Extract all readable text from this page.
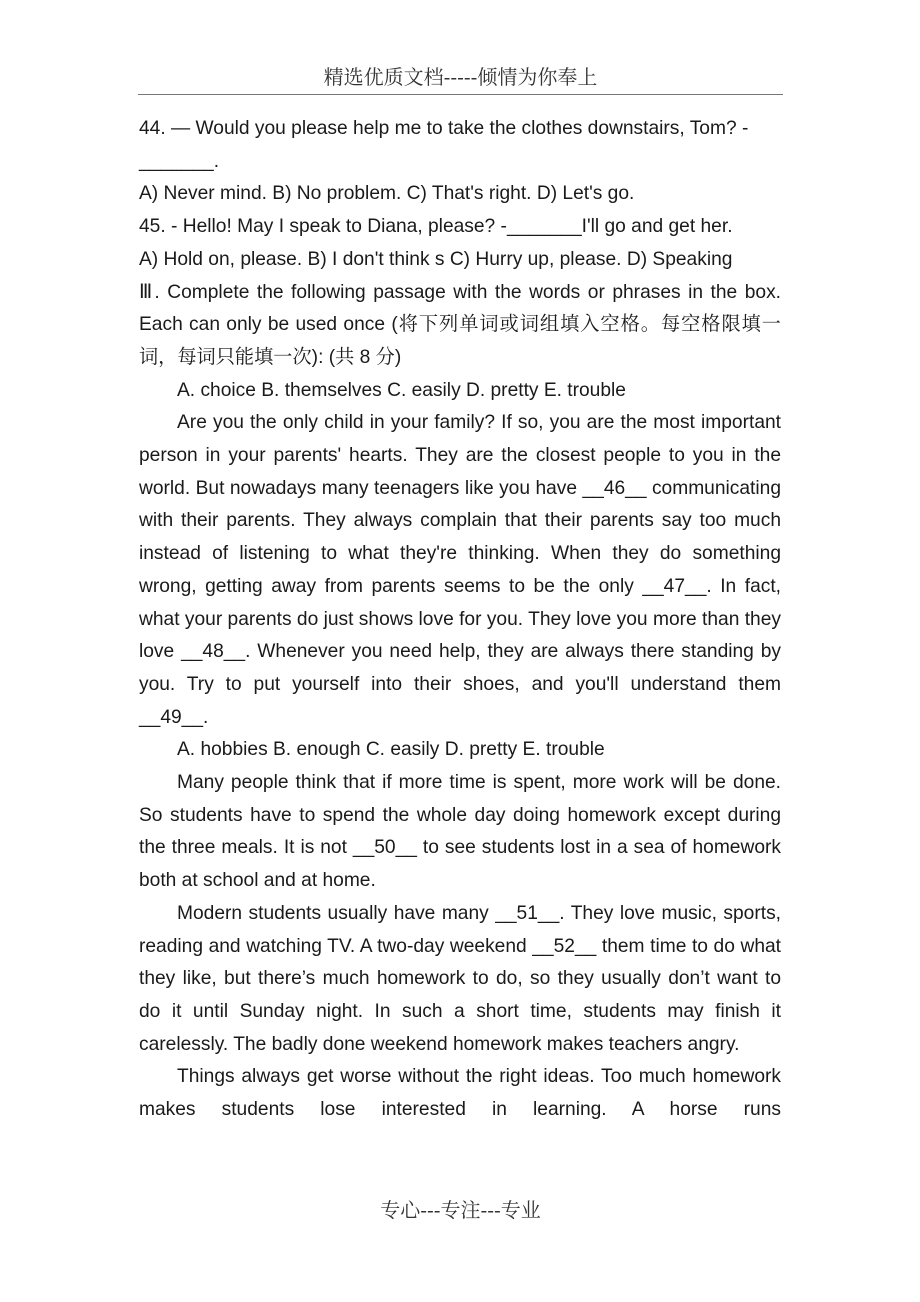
精选优质文档-----倾情为你奉上

44. — Would you please help me to take the clothes downstairs, Tom? -_______.

A) Never mind. B) No problem. C) That's right. D) Let's go.

45. - Hello! May I speak to Diana, please? -_______I'll go and get her.

A) Hold on, please. B) I don't think s C) Hurry up, please. D) Speaking

Ⅲ. Complete the following passage with the words or phrases in the box. Each can only be used once (将下列单词或词组填入空格。每空格限填一词，每词只能填一次): (共 8 分)

A. choice B. themselves C. easily D. pretty E. trouble

Are you the only child in your family? If so, you are the most important person in your parents' hearts. They are the closest people to you in the world. But nowadays many teenagers like you have __46__ communicating with their parents. They always complain that their parents say too much instead of listening to what they're thinking. When they do something wrong, getting away from parents seems to be the only __47__. In fact, what your parents do just shows love for you. They love you more than they love __48__. Whenever you need help, they are always there standing by you. Try to put yourself into their shoes, and you'll understand them __49__.

A. hobbies B. enough C. easily D. pretty E. trouble

Many people think that if more time is spent, more work will be done. So students have to spend the whole day doing homework except during the three meals. It is not __50__ to see students lost in a sea of homework both at school and at home.

Modern students usually have many __51__. They love music, sports, reading and watching TV. A two-day weekend __52__ them time to do what they like, but there’s much homework to do, so they usually don’t want to do it until Sunday night. In such a short time, students may finish it carelessly. The badly done weekend homework makes teachers angry.

Things always get worse without the right ideas. Too much homework makes students lose interested in learning. A horse runs

专心---专注---专业
